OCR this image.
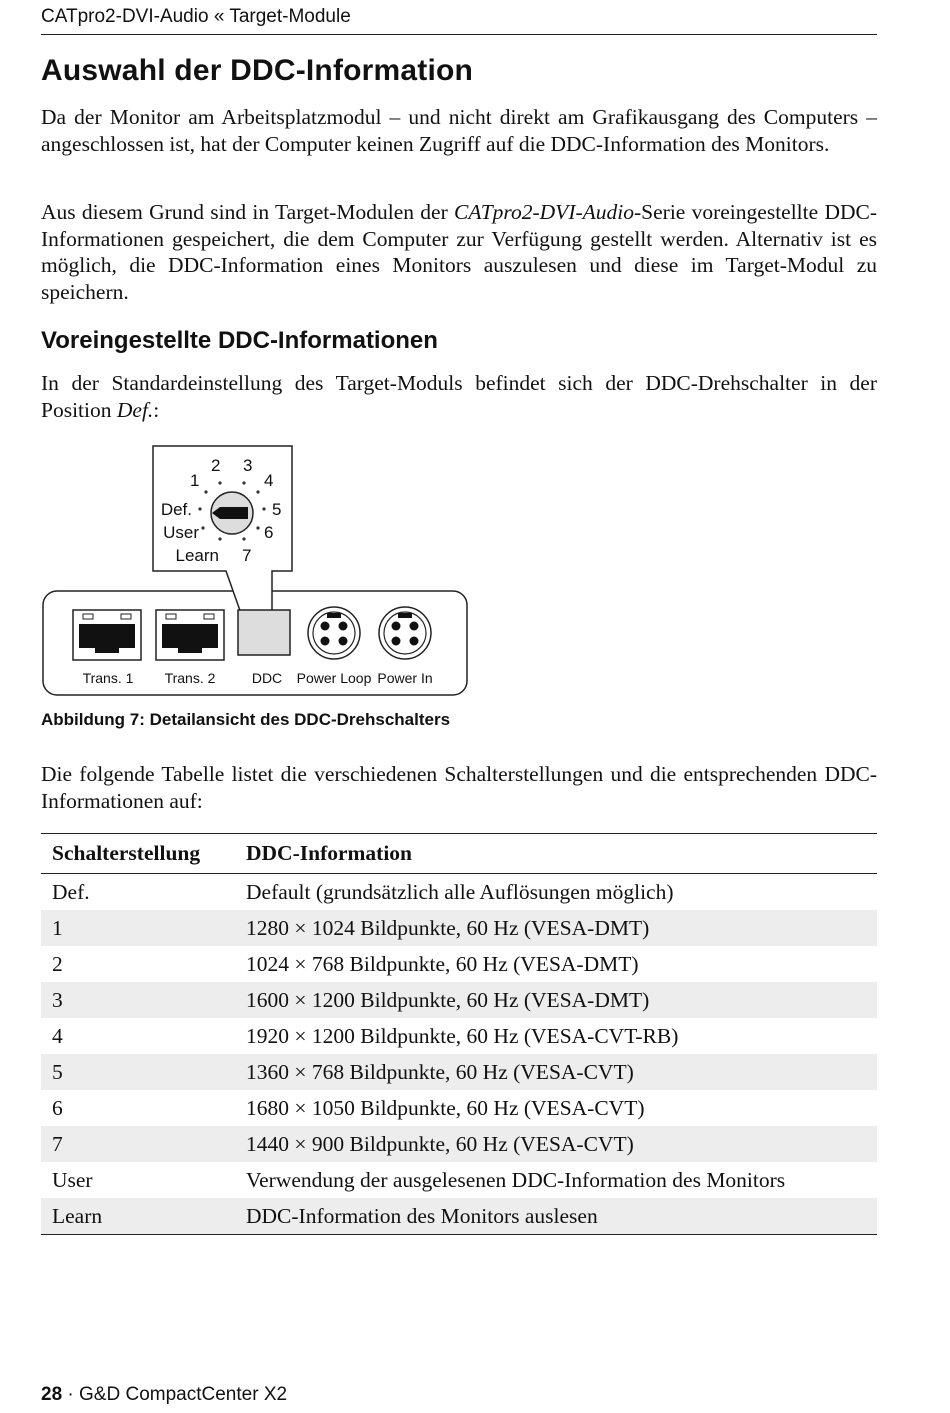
CATpro2-DVI-Audio « Target-Module
Auswahl der DDC-Information

Da der Monitor am Arbeitsplatzmodul – und nicht direkt am Grafikausgang des Computers – angeschlossen ist, hat der Computer keinen Zugriff auf die DDC-Information des Monitors.

Aus diesem Grund sind in Target-Modulen der CATpro2-DVI-Audio-Serie voreingestellte DDC-Informationen gespeichert, die dem Computer zur Verfügung gestellt werden. Alternativ ist es möglich, die DDC-Information eines Monitors auszulesen und diese im Target-Modul zu speichern.

Voreingestellte DDC-Informationen

In der Standardeinstellung des Target-Moduls befindet sich der DDC-Drehschalter in der Position Def.:

1
2 3
4
5
6
7
Def.
User
Learn
Trans. 1 Trans. 2	DDC Power Loop Power In
Abbildung 7: Detailansicht des DDC-Drehschalters

Die folgende Tabelle listet die verschiedenen Schalterstellungen und die entsprechenden DDC-Informationen auf:

Schalterstellung	DDC-Information
Def.	Default (grundsätzlich alle Auflösungen möglich)
1	1280 × 1024 Bildpunkte, 60 Hz (VESA-DMT)
2	1024 × 768 Bildpunkte, 60 Hz (VESA-DMT)
3	1600 × 1200 Bildpunkte, 60 Hz (VESA-DMT)
4	1920 × 1200 Bildpunkte, 60 Hz (VESA-CVT-RB)
5	1360 × 768 Bildpunkte, 60 Hz (VESA-CVT)
6	1680 × 1050 Bildpunkte, 60 Hz (VESA-CVT)
7	1440 × 900 Bildpunkte, 60 Hz (VESA-CVT)
User	Verwendung der ausgelesenen DDC-Information des Monitors
Learn	DDC-Information des Monitors auslesen
28 · G&D CompactCenter X2
